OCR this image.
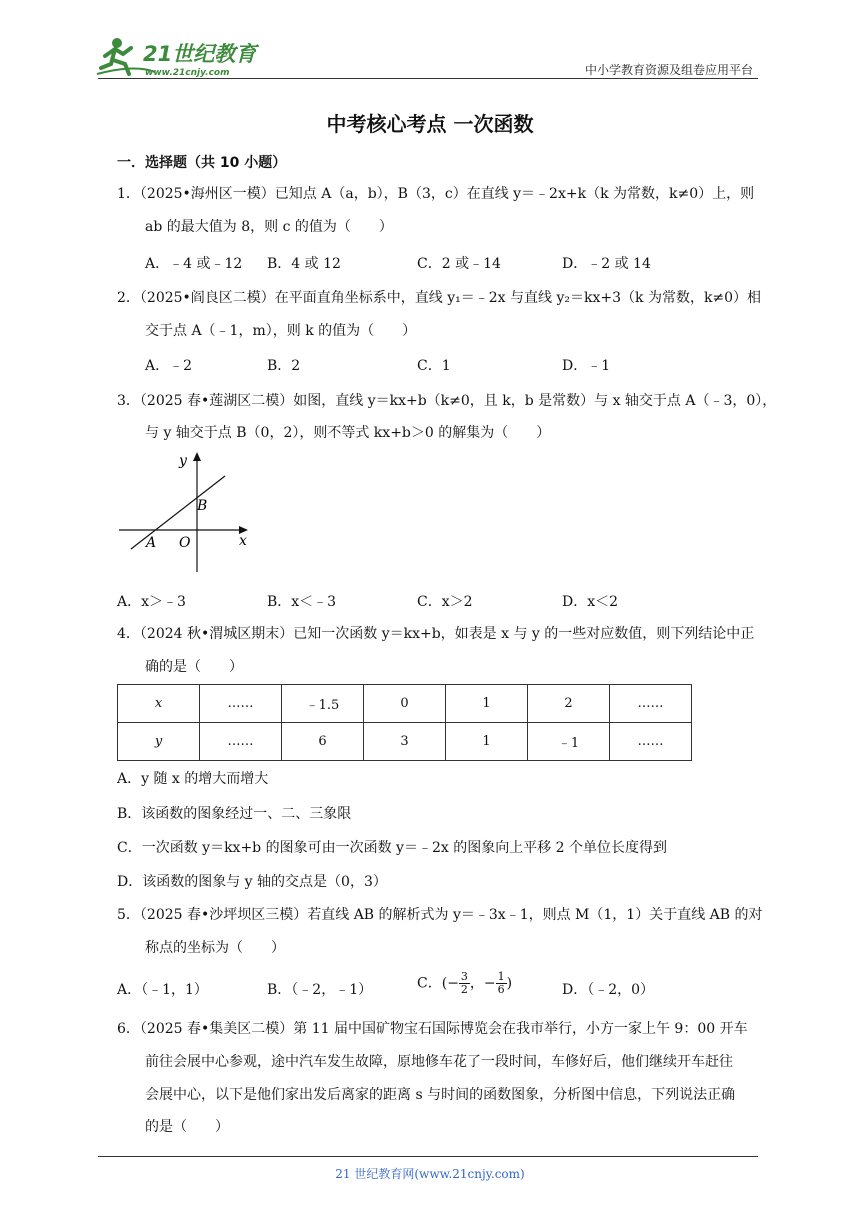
21世纪教育
www.21cnjy.com	中小学教育资源及组卷应用平台
中考核心考点 一次函数
一．选择题（共 10 小题）
1．（2025•海州区一模）已知点 A（a，b），B（3，c）在直线 y＝﹣2x+k（k 为常数，k≠0）上，则
ab 的最大值为 8，则 c 的值为（　　）
A．﹣4 或﹣12 B．4 或 12	C．2 或﹣14	D．﹣2 或 14
2．（2025•阎良区二模）在平面直角坐标系中，直线 y₁＝﹣2x 与直线 y₂＝kx+3（k 为常数，k≠0）相
交于点 A（﹣1，m），则 k 的值为（　　）
A．﹣2	B．2	C．1	D．﹣1
3．（2025 春•莲湖区二模）如图，直线 y＝kx+b（k≠0，且 k，b 是常数）与 x 轴交于点 A（﹣3，0），
与 y 轴交于点 B（0，2），则不等式 kx+b＞0 的解集为（　　）
y
x
B
A O
A．x＞﹣3	B．x＜﹣3	C．x＞2	D．x＜2
4．（2024 秋•渭城区期末）已知一次函数 y＝kx+b，如表是 x 与 y 的一些对应数值，则下列结论中正
确的是（　　）
x	……	﹣1.5	0	1	2	……
y	……	6	3	1	﹣1	……
A．y 随 x 的增大而增大
B．该函数的图象经过一、二、三象限
C．一次函数 y＝kx+b 的图象可由一次函数 y＝﹣2x 的图象向上平移 2 个单位长度得到
D．该函数的图象与 y 轴的交点是（0，3）
5．（2025 春•沙坪坝区三模）若直线 AB 的解析式为 y＝﹣3x﹣1，则点 M（1，1）关于直线 AB 的对
称点的坐标为（　　）
A．（﹣1，1）	B．（﹣2，﹣1）	C．(− $\frac{3}{2}$ ，− $\frac{1}{6}$ )	D．（﹣2，0）
6．（2025 春•集美区二模）第 11 届中国矿物宝石国际博览会在我市举行，小方一家上午 9：00 开车
前往会展中心参观，途中汽车发生故障，原地修车花了一段时间，车修好后，他们继续开车赶往
会展中心，以下是他们家出发后离家的距离 s 与时间的函数图象，分析图中信息，下列说法正确
的是（　　）
21 世纪教育网(www.21cnjy.com)
